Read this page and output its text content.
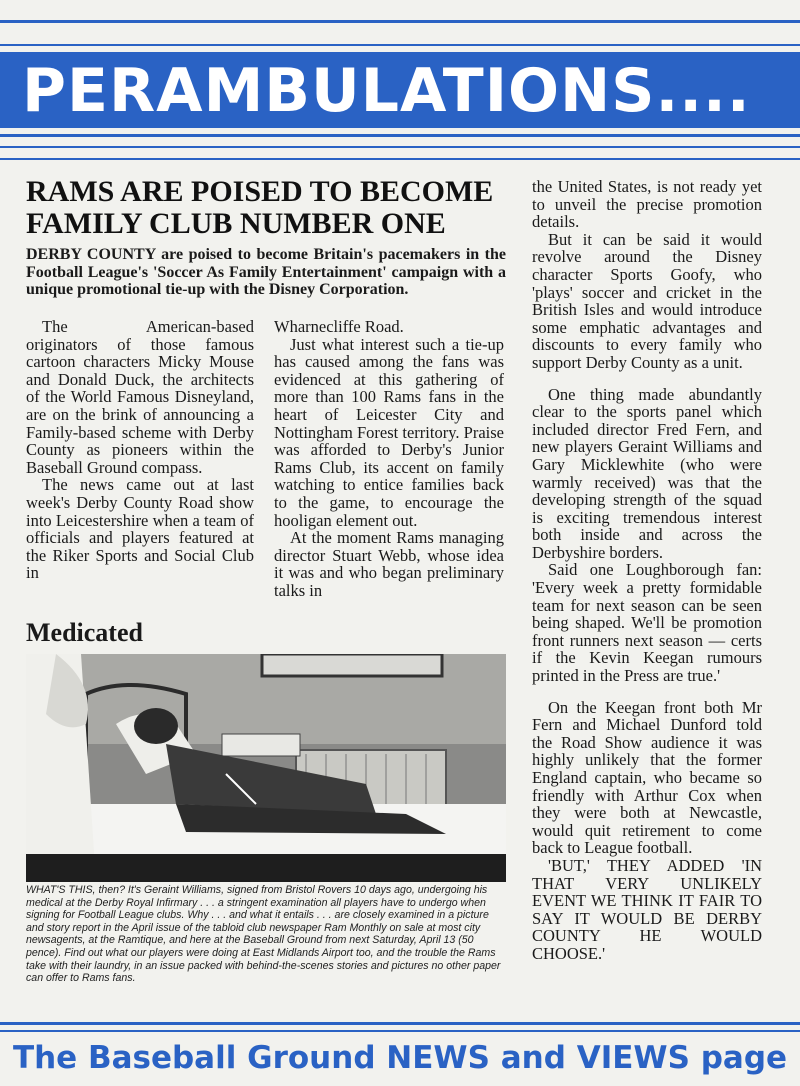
PERAMBULATIONS....
RAMS ARE POISED TO BECOME
FAMILY CLUB NUMBER ONE
DERBY COUNTY are poised to become Britain's pacemakers in the Football League's 'Soccer As Family Entertainment' campaign with a unique promotional tie-up with the Disney Corporation.

The American-based originators of those famous cartoon characters Micky Mouse and Donald Duck, the architects of the World Famous Disneyland, are on the brink of announcing a Family-based scheme with Derby County as pioneers within the Baseball Ground compass.

The news came out at last week's Derby County Road show into Leicestershire when a team of officials and players featured at the Riker Sports and Social Club in

Wharnecliffe Road.

Just what interest such a tie-up has caused among the fans was evidenced at this gathering of more than 100 Rams fans in the heart of Leicester City and Nottingham Forest territory. Praise was afforded to Derby's Junior Rams Club, its accent on family watching to entice families back to the game, to encourage the hooligan element out.

At the moment Rams managing director Stuart Webb, whose idea it was and who began preliminary talks in

the United States, is not ready yet to unveil the precise promotion details.

But it can be said it would revolve around the Disney character Sports Goofy, who 'plays' soccer and cricket in the British Isles and would introduce some emphatic advantages and discounts to every family who support Derby County as a unit.

One thing made abundantly clear to the sports panel which included director Fred Fern, and new players Geraint Williams and Gary Micklewhite (who were warmly received) was that the developing strength of the squad is exciting tremendous interest both inside and across the Derbyshire borders.

Said one Loughborough fan: 'Every week a pretty formidable team for next season can be seen being shaped. We'll be promotion front runners next season — certs if the Kevin Keegan rumours printed in the Press are true.'

On the Keegan front both Mr Fern and Michael Dunford told the Road Show audience it was highly unlikely that the former England captain, who became so friendly with Arthur Cox when they were both at Newcastle, would quit retirement to come back to League football.

'BUT,' THEY ADDED 'IN THAT VERY UNLIKELY EVENT WE THINK IT FAIR TO SAY IT WOULD BE DERBY COUNTY HE WOULD CHOOSE.'

Medicated
WHAT'S THIS, then? It's Geraint Williams, signed from Bristol Rovers 10 days ago, undergoing his medical at the Derby Royal Infirmary . . . a stringent examination all players have to undergo when signing for Football League clubs. Why . . . and what it entails . . . are closely examined in a picture and story report in the April issue of the tabloid club newspaper Ram Monthly on sale at most city newsagents, at the Ramtique, and here at the Baseball Ground from next Saturday, April 13 (50 pence). Find out what our players were doing at East Midlands Airport too, and the trouble the Rams take with their laundry, in an issue packed with behind-the-scenes stories and pictures no other paper can offer to Rams fans.
The Baseball Ground NEWS and VIEWS page
